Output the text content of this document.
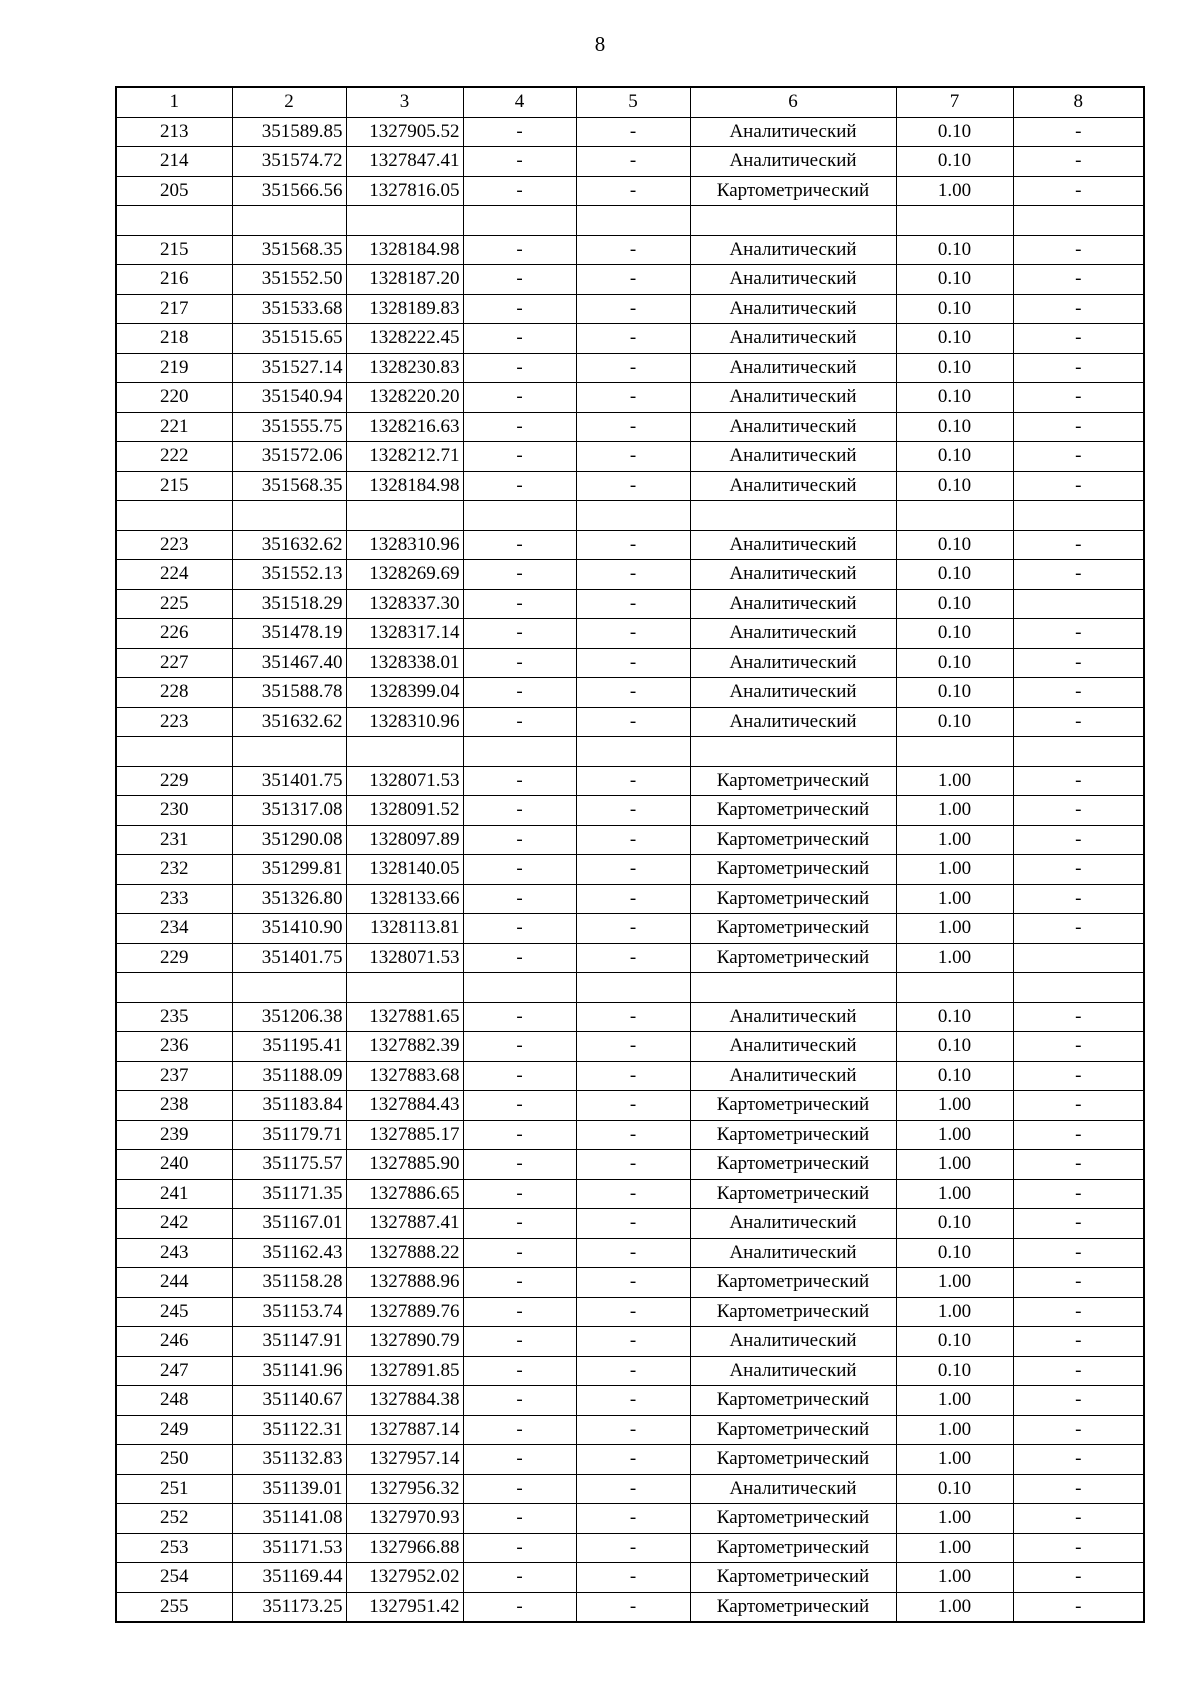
8
1	2	3	4	5	6	7	8
213	351589.85	1327905.52	-	-	Аналитический	0.10	-
214	351574.72	1327847.41	-	-	Аналитический	0.10	-
205	351566.56	1327816.05	-	-	Картометрический	1.00	-

215	351568.35	1328184.98	-	-	Аналитический	0.10	-
216	351552.50	1328187.20	-	-	Аналитический	0.10	-
217	351533.68	1328189.83	-	-	Аналитический	0.10	-
218	351515.65	1328222.45	-	-	Аналитический	0.10	-
219	351527.14	1328230.83	-	-	Аналитический	0.10	-
220	351540.94	1328220.20	-	-	Аналитический	0.10	-
221	351555.75	1328216.63	-	-	Аналитический	0.10	-
222	351572.06	1328212.71	-	-	Аналитический	0.10	-
215	351568.35	1328184.98	-	-	Аналитический	0.10	-

223	351632.62	1328310.96	-	-	Аналитический	0.10	-
224	351552.13	1328269.69	-	-	Аналитический	0.10	-
225	351518.29	1328337.30	-	-	Аналитический	0.10	
226	351478.19	1328317.14	-	-	Аналитический	0.10	-
227	351467.40	1328338.01	-	-	Аналитический	0.10	-
228	351588.78	1328399.04	-	-	Аналитический	0.10	-
223	351632.62	1328310.96	-	-	Аналитический	0.10	-

229	351401.75	1328071.53	-	-	Картометрический	1.00	-
230	351317.08	1328091.52	-	-	Картометрический	1.00	-
231	351290.08	1328097.89	-	-	Картометрический	1.00	-
232	351299.81	1328140.05	-	-	Картометрический	1.00	-
233	351326.80	1328133.66	-	-	Картометрический	1.00	-
234	351410.90	1328113.81	-	-	Картометрический	1.00	-
229	351401.75	1328071.53	-	-	Картометрический	1.00	

235	351206.38	1327881.65	-	-	Аналитический	0.10	-
236	351195.41	1327882.39	-	-	Аналитический	0.10	-
237	351188.09	1327883.68	-	-	Аналитический	0.10	-
238	351183.84	1327884.43	-	-	Картометрический	1.00	-
239	351179.71	1327885.17	-	-	Картометрический	1.00	-
240	351175.57	1327885.90	-	-	Картометрический	1.00	-
241	351171.35	1327886.65	-	-	Картометрический	1.00	-
242	351167.01	1327887.41	-	-	Аналитический	0.10	-
243	351162.43	1327888.22	-	-	Аналитический	0.10	-
244	351158.28	1327888.96	-	-	Картометрический	1.00	-
245	351153.74	1327889.76	-	-	Картометрический	1.00	-
246	351147.91	1327890.79	-	-	Аналитический	0.10	-
247	351141.96	1327891.85	-	-	Аналитический	0.10	-
248	351140.67	1327884.38	-	-	Картометрический	1.00	-
249	351122.31	1327887.14	-	-	Картометрический	1.00	-
250	351132.83	1327957.14	-	-	Картометрический	1.00	-
251	351139.01	1327956.32	-	-	Аналитический	0.10	-
252	351141.08	1327970.93	-	-	Картометрический	1.00	-
253	351171.53	1327966.88	-	-	Картометрический	1.00	-
254	351169.44	1327952.02	-	-	Картометрический	1.00	-
255	351173.25	1327951.42	-	-	Картометрический	1.00	-
